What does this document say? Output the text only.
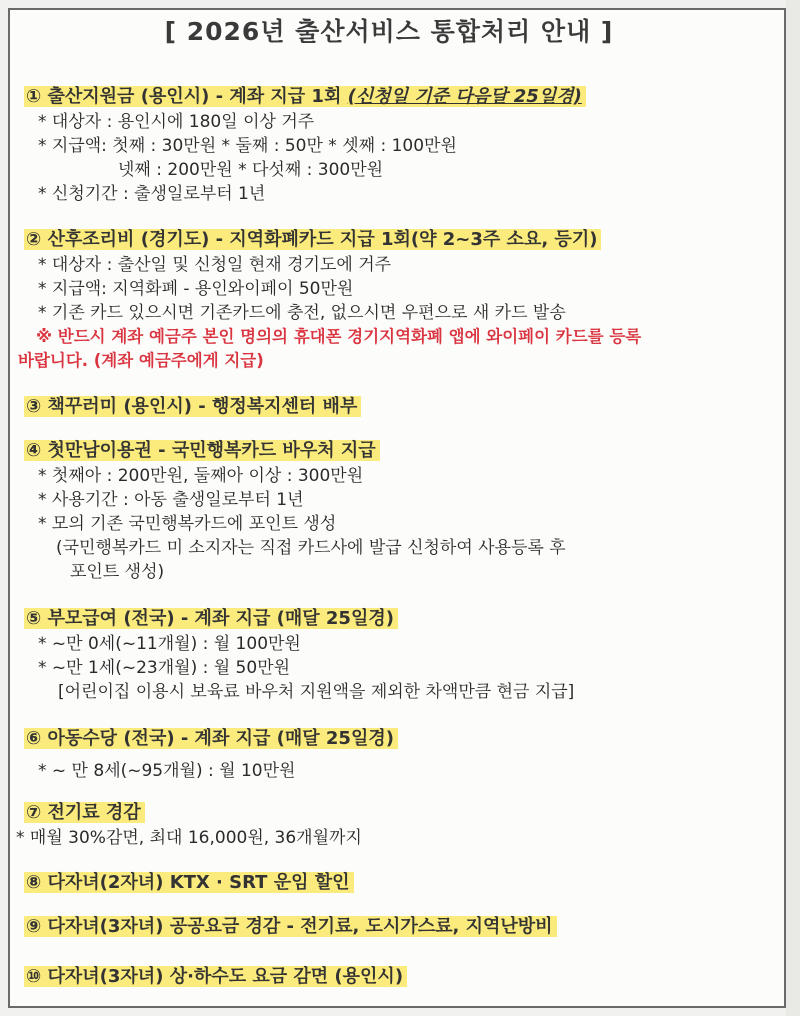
[ 2026년 출산서비스 통합처리 안내 ]
① 출산지원금 (용인시) - 계좌 지급 1회 (신청일 기준 다음달 25일경)
* 대상자 : 용인시에 180일 이상 거주
* 지급액: 첫째 : 30만원 * 둘째 : 50만 * 셋째 : 100만원
넷째 : 200만원 * 다섯째 : 300만원
* 신청기간 : 출생일로부터 1년
② 산후조리비 (경기도) - 지역화폐카드 지급 1회(약 2~3주 소요, 등기)
* 대상자 : 출산일 및 신청일 현재 경기도에 거주
* 지급액: 지역화폐 - 용인와이페이 50만원
* 기존 카드 있으시면 기존카드에 충전, 없으시면 우편으로 새 카드 발송
※ 반드시 계좌 예금주 본인 명의의 휴대폰 경기지역화폐 앱에 와이페이 카드를 등록
바랍니다. (계좌 예금주에게 지급)
③ 책꾸러미 (용인시) - 행정복지센터 배부
④ 첫만남이용권 - 국민행복카드 바우처 지급
* 첫째아 : 200만원, 둘째아 이상 : 300만원
* 사용기간 : 아동 출생일로부터 1년
* 모의 기존 국민행복카드에 포인트 생성
(국민행복카드 미 소지자는 직접 카드사에 발급 신청하여 사용등록 후
포인트 생성)
⑤ 부모급여 (전국) - 계좌 지급 (매달 25일경)
* ~만 0세(~11개월) : 월 100만원
* ~만 1세(~23개월) : 월 50만원
[어린이집 이용시 보육료 바우처 지원액을 제외한 차액만큼 현금 지급]
⑥ 아동수당 (전국) - 계좌 지급 (매달 25일경)
* ~ 만 8세(~95개월) : 월 10만원
⑦ 전기료 경감
* 매월 30%감면, 최대 16,000원, 36개월까지
⑧ 다자녀(2자녀) KTX · SRT 운임 할인
⑨ 다자녀(3자녀) 공공요금 경감 - 전기료, 도시가스료, 지역난방비
⑩ 다자녀(3자녀) 상·하수도 요금 감면 (용인시)
